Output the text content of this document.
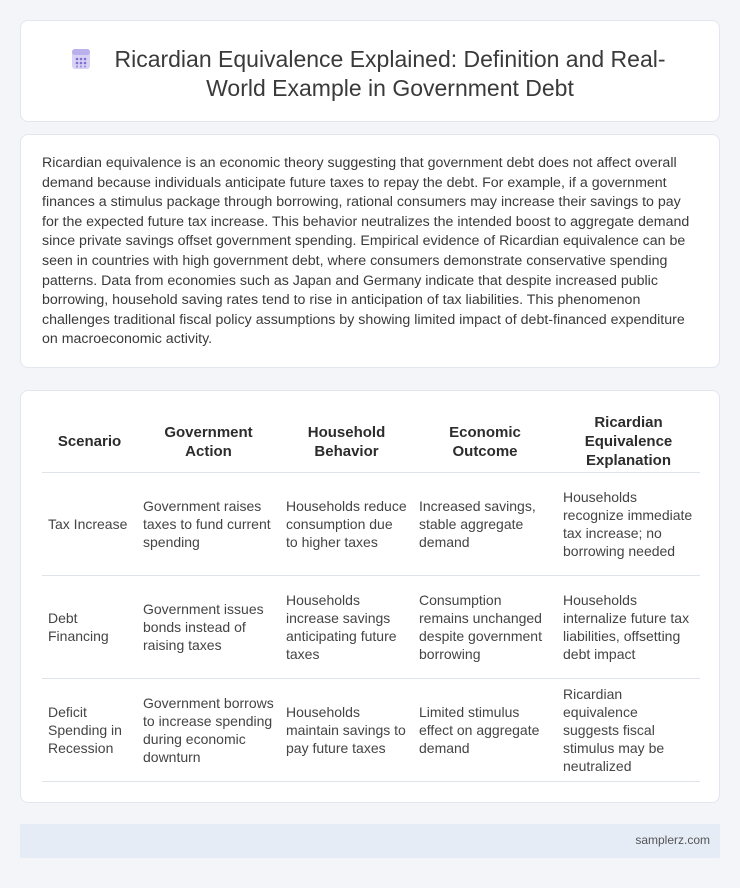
Ricardian Equivalence Explained: Definition and Real-World Example in Government Debt

Ricardian equivalence is an economic theory suggesting that government debt does not affect overall demand because individuals anticipate future taxes to repay the debt. For example, if a government finances a stimulus package through borrowing, rational consumers may increase their savings to pay for the expected future tax increase. This behavior neutralizes the intended boost to aggregate demand since private savings offset government spending. Empirical evidence of Ricardian equivalence can be seen in countries with high government debt, where consumers demonstrate conservative spending patterns. Data from economies such as Japan and Germany indicate that despite increased public borrowing, household saving rates tend to rise in anticipation of tax liabilities. This phenomenon challenges traditional fiscal policy assumptions by showing limited impact of debt-financed expenditure on macroeconomic activity.

Scenario	Government Action	Household Behavior	Economic Outcome	Ricardian Equivalence Explanation
Tax Increase	Government raises taxes to fund current spending	Households reduce consumption due to higher taxes	Increased savings, stable aggregate demand	Households recognize immediate tax increase; no borrowing needed
Debt Financing	Government issues bonds instead of raising taxes	Households increase savings anticipating future taxes	Consumption remains unchanged despite government borrowing	Households internalize future tax liabilities, offsetting debt impact
Deficit Spending in Recession	Government borrows to increase spending during economic downturn	Households maintain savings to pay future taxes	Limited stimulus effect on aggregate demand	Ricardian equivalence suggests fiscal stimulus may be neutralized
samplerz.com
